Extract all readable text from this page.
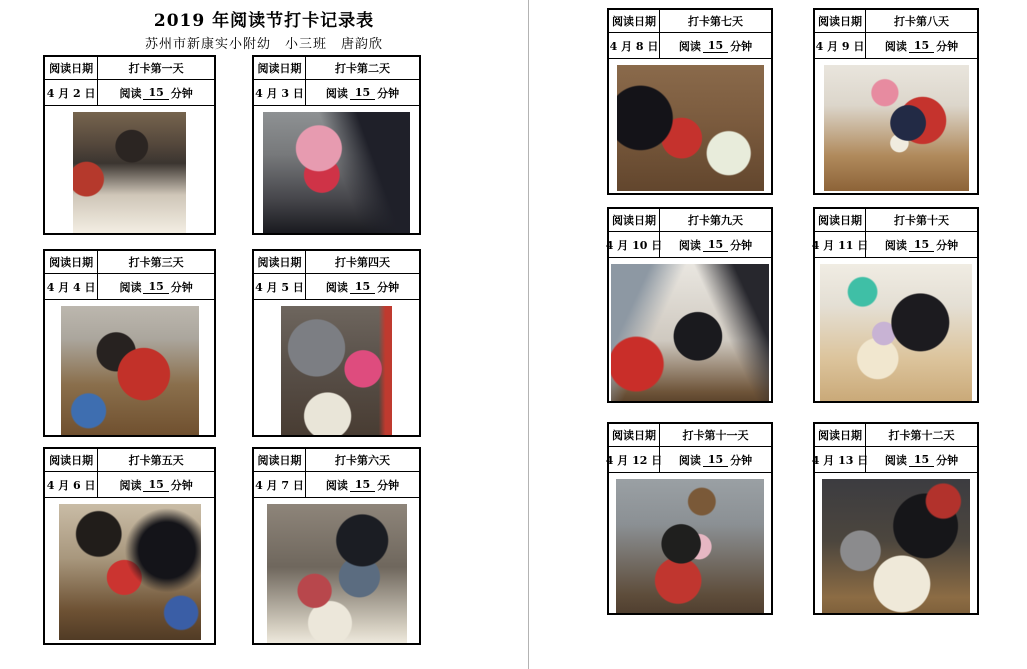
2019 年阅读节打卡记录表
苏州市新康实小附幼　小三班　唐韵欣
阅读日期	打卡第一天
4 月 2 日 阅读 15 分钟
阅读日期	打卡第二天
4 月 3 日 阅读 15 分钟
阅读日期	打卡第三天
4 月 4 日 阅读 15 分钟
阅读日期	打卡第四天
4 月 5 日 阅读 15 分钟
阅读日期	打卡第五天
4 月 6 日 阅读 15 分钟
阅读日期	打卡第六天
4 月 7 日 阅读 15 分钟
阅读日期	打卡第七天
4 月 8 日 阅读 15 分钟
阅读日期	打卡第八天
4 月 9 日 阅读 15 分钟
阅读日期	打卡第九天
4 月 10 日 阅读 15 分钟
阅读日期	打卡第十天
4 月 11 日 阅读 15 分钟
阅读日期	打卡第十一天
4 月 12 日 阅读 15 分钟
阅读日期	打卡第十二天
4 月 13 日 阅读 15 分钟
